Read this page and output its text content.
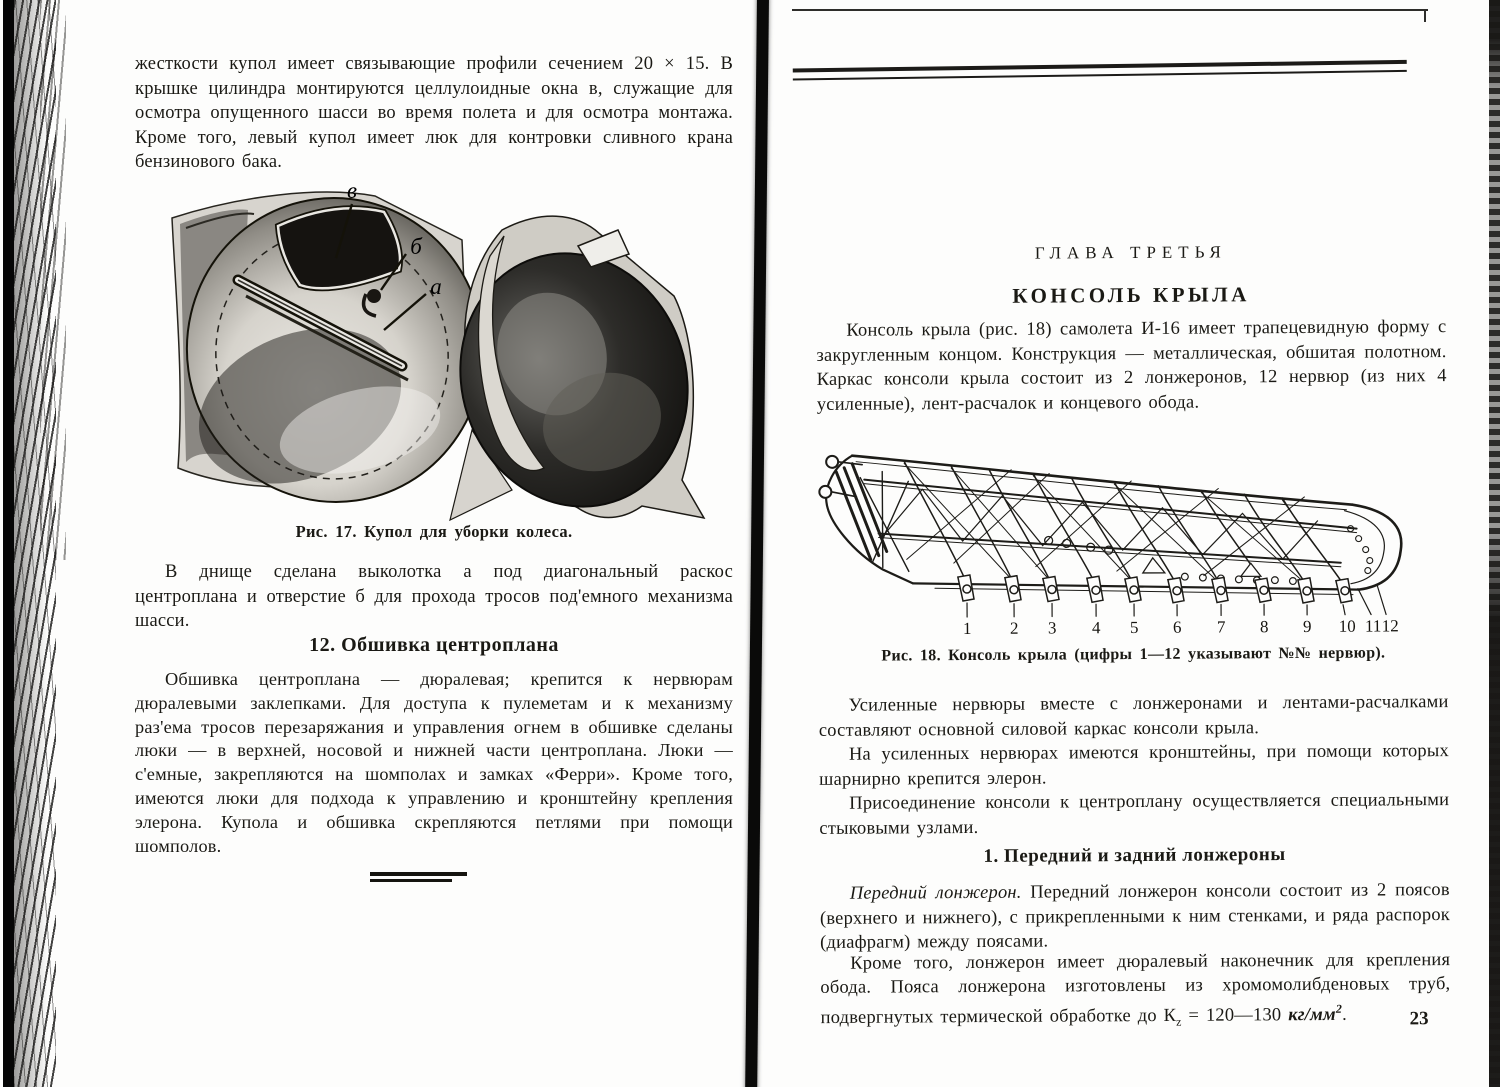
жесткости купол имеет связывающие профили сечением 20 × 15. В крышке цилиндра монтируются целлулоидные окна в, служащие для осмотра опущенного шасси во время полета и для осмотра монтажа. Кроме того, левый купол имеет люк для контровки сливного крана бензинового бака.
в
б
а
Рис. 17. Купол для уборки колеса.
В днище сделана выколотка а под диагональный раскос центроплана и отверстие б для прохода тросов под'емного механизма шасси.
12. Обшивка центроплана
Обшивка центроплана — дюралевая; крепится к нервюрам дюралевыми заклепками. Для доступа к пулеметам и к механизму раз'ема тросов перезаряжания и управления огнем в обшивке сделаны люки — в верхней, носовой и нижней части центроплана. Люки — с'емные, закрепляются на шомполах и замках «Ферри». Кроме того, имеются люки для подхода к управлению и кронштейну крепления элерона. Купола и обшивка скрепляются петлями при помощи шомполов.
ГЛАВА ТРЕТЬЯ
КОНСОЛЬ КРЫЛА
Консоль крыла (рис. 18) самолета И-16 имеет трапецевидную форму с закругленным концом. Конструкция — металлическая, обшитая полотном. Каркас консоли крыла состоит из 2 лонжеронов, 12 нервюр (из них 4 усиленные), лент-расчалок и концевого обода.
1 2 3 4 5 6 7 8 9 10 11 12
Рис. 18. Консоль крыла (цифры 1—12 указывают №№ нервюр).
Усиленные нервюры вместе с лонжеронами и лентами-расчалками составляют основной силовой каркас консоли крыла.
На усиленных нервюрах имеются кронштейны, при помощи которых шарнирно крепится элерон.
Присоединение консоли к центроплану осуществляется специальными стыковыми узлами.
1. Передний и задний лонжероны
Передний лонжерон. Передний лонжерон консоли состоит из 2 поясов (верхнего и нижнего), с прикрепленными к ним стенками, и ряда распорок (диафрагм) между поясами.
Кроме того, лонжерон имеет дюралевый наконечник для крепления обода. Пояса лонжерона изготовлены из хромомолибденовых труб, подвергнутых термической обработке до $К_z$ = 120—130 $кг/мм^2$.	23
